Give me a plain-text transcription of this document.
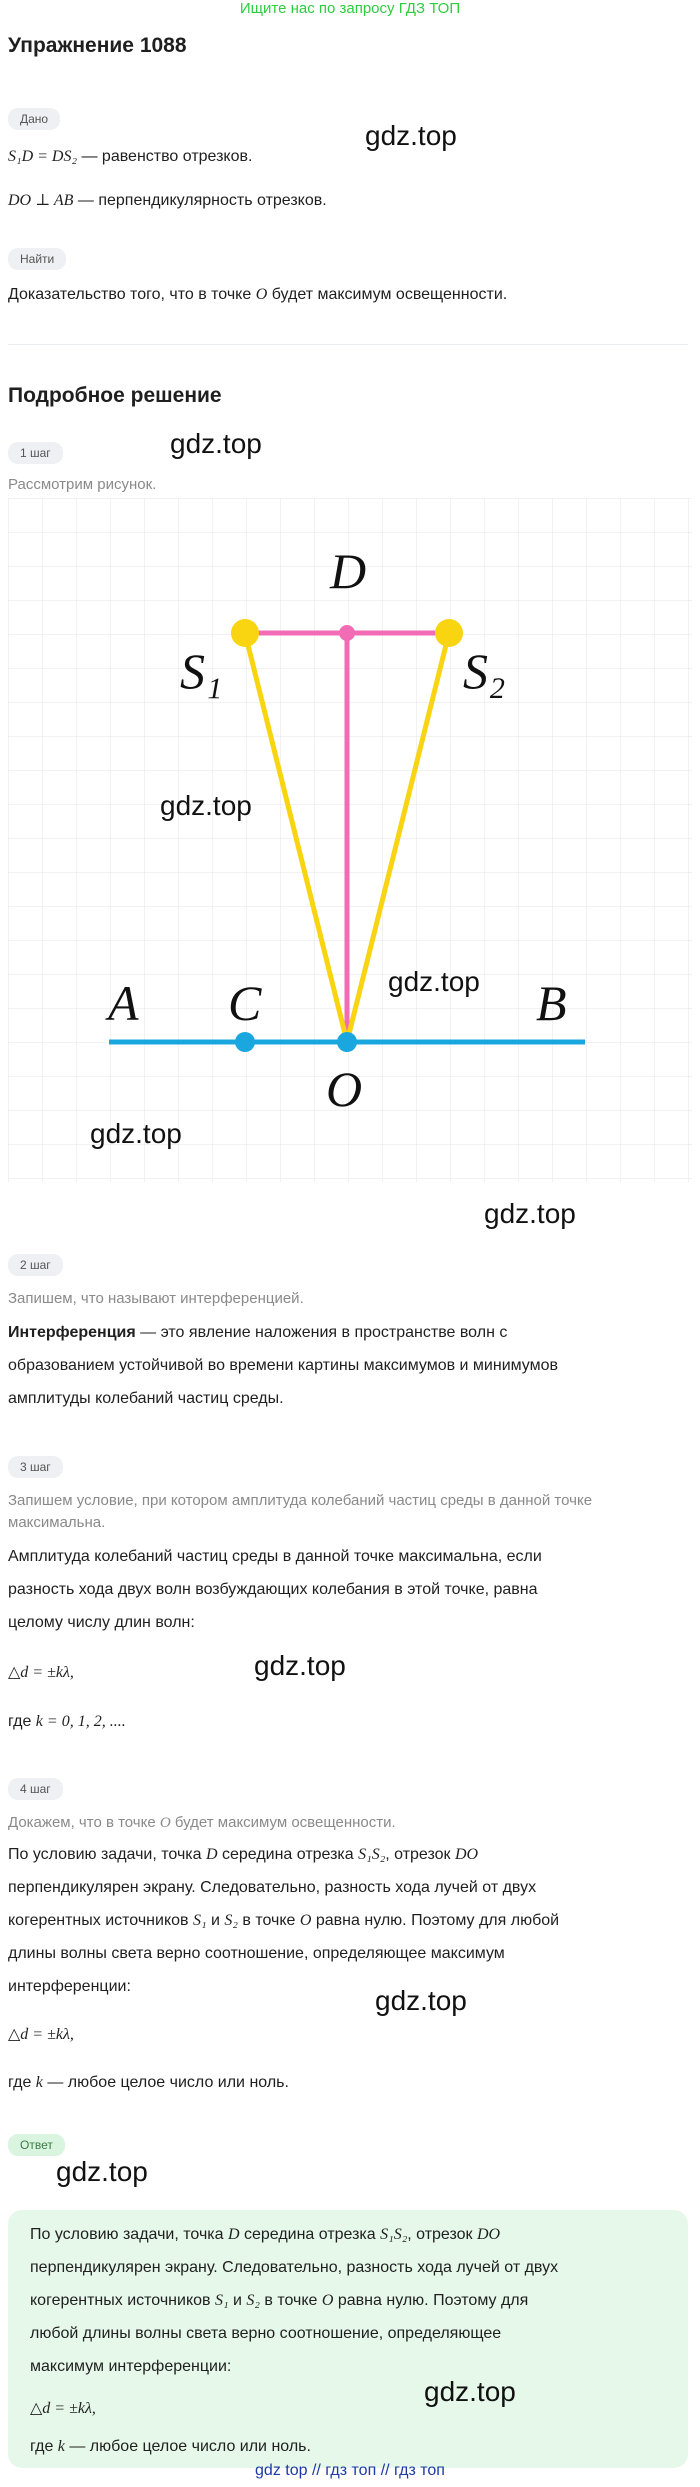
Ищите нас по запросу ГДЗ ТОП
Упражнение 1088
Дано
S₁D = DS₂ — равенство отрезков.
DO ⊥ AB — перпендикулярность отрезков.
Найти
Доказательство того, что в точке O будет максимум освещенности.
Подробное решение
1 шаг
Рассмотрим рисунок.
D
S₁	S₂
A C	B
O
2 шаг
Запишем, что называют интерференцией.
Интерференция — это явление наложения в пространстве волн с
образованием устойчивой во времени картины максимумов и минимумов
амплитуды колебаний частиц среды.
3 шаг
Запишем условие, при котором амплитуда колебаний частиц среды в данной точке
максимальна.
Амплитуда колебаний частиц среды в данной точке максимальна, если
разность хода двух волн возбуждающих колебания в этой точке, равна
целому числу длин волн:
△d = ±kλ,
где k = 0, 1, 2, ....
4 шаг
Докажем, что в точке O будет максимум освещенности.
По условию задачи, точка D середина отрезка S₁S₂, отрезок DO
перпендикулярен экрану. Следовательно, разность хода лучей от двух
когерентных источников S₁ и S₂ в точке O равна нулю. Поэтому для любой
длины волны света верно соотношение, определяющее максимум
интерференции:
△d = ±kλ,
где k — любое целое число или ноль.
Ответ
По условию задачи, точка D середина отрезка S₁S₂, отрезок DO
перпендикулярен экрану. Следовательно, разность хода лучей от двух
когерентных источников S₁ и S₂ в точке O равна нулю. Поэтому для
любой длины волны света верно соотношение, определяющее
максимум интерференции:
△d = ±kλ,
где k — любое целое число или ноль.
gdz.top
gdz.top
gdz.top
gdz.top
gdz.top
gdz.top
gdz.top
gdz.top
gdz.top
gdz.top
gdz top // гдз топ // гдз топ
